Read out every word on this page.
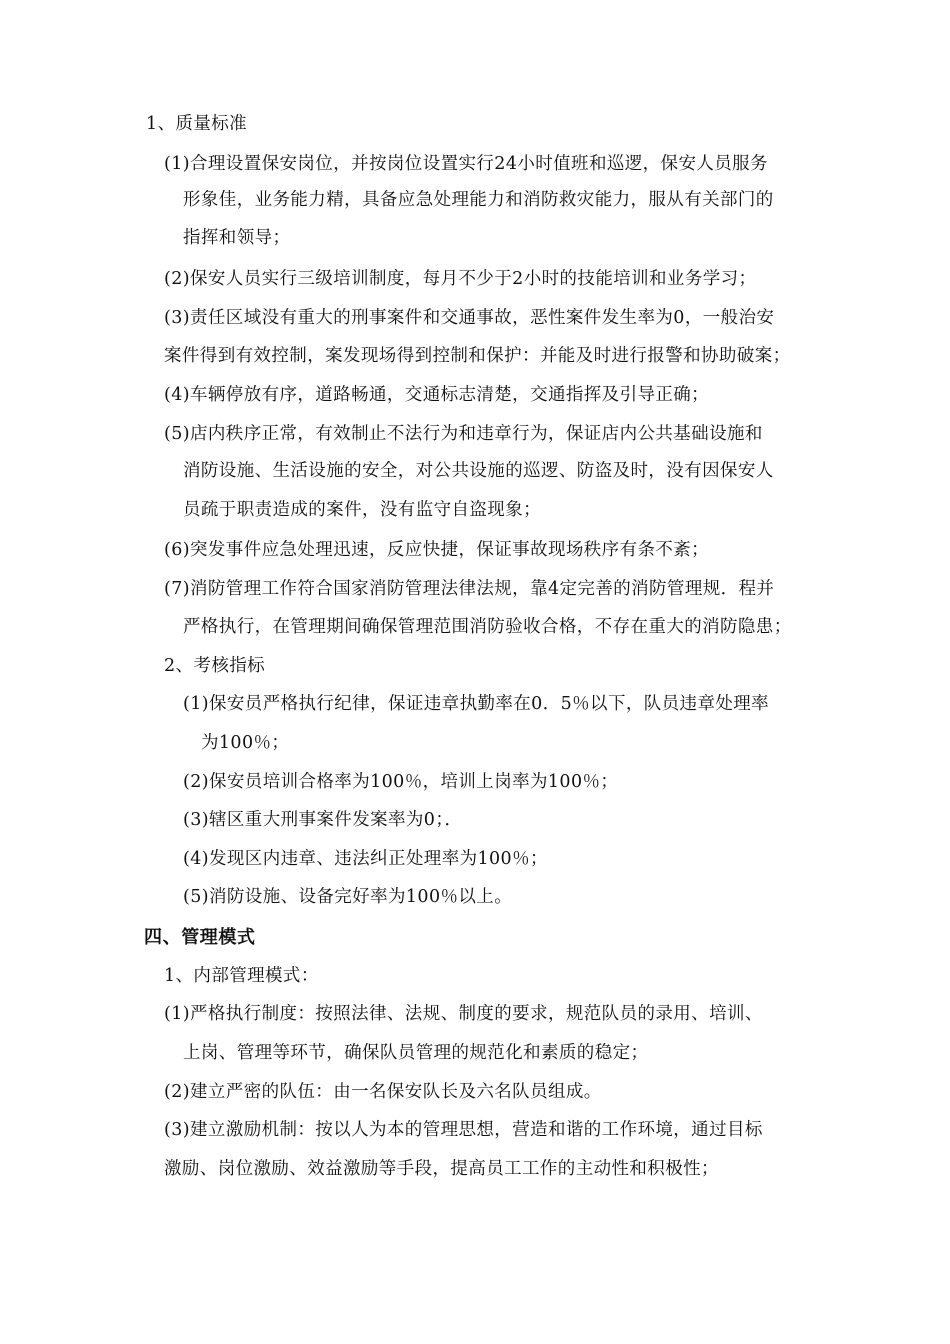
1、质量标准
(1)合理设置保安岗位，并按岗位设置实行24小时值班和巡逻，保安人员服务
形象佳，业务能力精，具备应急处理能力和消防救灾能力，服从有关部门的
指挥和领导；
(2)保安人员实行三级培训制度，每月不少于2小时的技能培训和业务学习；
(3)责任区域没有重大的刑事案件和交通事故，恶性案件发生率为0，一般治安
案件得到有效控制，案发现场得到控制和保护：并能及时进行报警和协助破案；
(4)车辆停放有序，道路畅通，交通标志清楚，交通指挥及引导正确；
(5)店内秩序正常，有效制止不法行为和违章行为，保证店内公共基础设施和
消防设施、生活设施的安全，对公共设施的巡逻、防盗及时，没有因保安人
员疏于职责造成的案件，没有监守自盗现象；
(6)突发事件应急处理迅速，反应快捷，保证事故现场秩序有条不紊；
(7)消防管理工作符合国家消防管理法律法规，靠4定完善的消防管理规．程并
严格执行，在管理期间确保管理范围消防验收合格，不存在重大的消防隐患；
2、考核指标
(1)保安员严格执行纪律，保证违章执勤率在0．5％以下，队员违章处理率
为100％；
(2)保安员培训合格率为100％，培训上岗率为100％；
(3)辖区重大刑事案件发案率为0；．
(4)发现区内违章、违法纠正处理率为100％；
(5)消防设施、设备完好率为100％以上。
四、管理模式
1、内部管理模式：
(1)严格执行制度：按照法律、法规、制度的要求，规范队员的录用、培训、
上岗、管理等环节，确保队员管理的规范化和素质的稳定；
(2)建立严密的队伍：由一名保安队长及六名队员组成。
(3)建立激励机制：按以人为本的管理思想，营造和谐的工作环境，通过目标
激励、岗位激励、效益激励等手段，提高员工工作的主动性和积极性；
